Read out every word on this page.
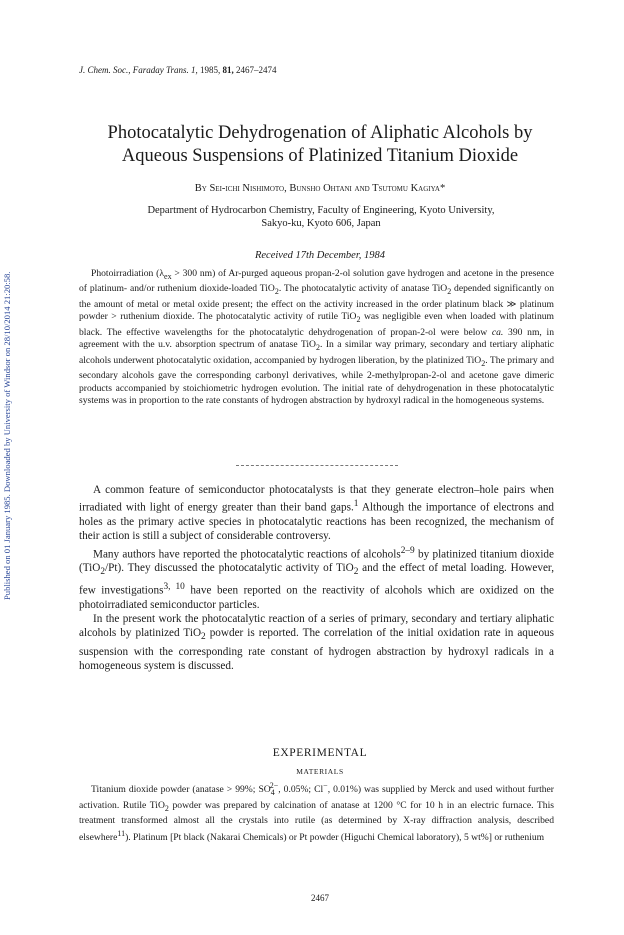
Published on 01 January 1985. Downloaded by University of Windsor on 28/10/2014 21:20:58.
J. Chem. Soc., Faraday Trans. 1, 1985, 81, 2467–2474
Photocatalytic Dehydrogenation of Aliphatic Alcohols by
Aqueous Suspensions of Platinized Titanium Dioxide
By Sei-ichi Nishimoto, Bunsho Ohtani and Tsutomu Kagiya*
Department of Hydrocarbon Chemistry, Faculty of Engineering, Kyoto University,
Sakyo-ku, Kyoto 606, Japan
Received 17th December, 1984

Photoirradiation ($\lambda_{ex} > 300$ nm) of Ar-purged aqueous propan-2-ol solution gave hydrogen and acetone in the presence of platinum- and/or ruthenium dioxide-loaded TiO$_2$. The photocatalytic activity of anatase TiO$_2$ depended significantly on the amount of metal or metal oxide present; the effect on the activity increased in the order platinum black ≫ platinum powder > ruthenium dioxide. The photocatalytic activity of rutile TiO$_2$ was negligible even when loaded with platinum black. The effective wavelengths for the photocatalytic dehydrogenation of propan-2-ol were below ca. 390 nm, in agreement with the u.v. absorption spectrum of anatase TiO$_2$. In a similar way primary, secondary and tertiary aliphatic alcohols underwent photocatalytic oxidation, accompanied by hydrogen liberation, by the platinized TiO$_2$. The primary and secondary alcohols gave the corresponding carbonyl derivatives, while 2-methylpropan-2-ol and acetone gave dimeric products accompanied by stoichiometric hydrogen evolution. The initial rate of dehydrogenation in these photocatalytic systems was in proportion to the rate constants of hydrogen abstraction by hydroxyl radical in the homogeneous systems.

A common feature of semiconductor photocatalysts is that they generate electron–hole pairs when irradiated with light of energy greater than their band gaps.$^1$ Although the importance of electrons and holes as the primary active species in photocatalytic reactions has been recognized, the mechanism of their action is still a subject of considerable controversy.

Many authors have reported the photocatalytic reactions of alcohols$^{2-9}$ by platinized titanium dioxide (TiO$_2$/Pt). They discussed the photocatalytic activity of TiO$_2$ and the effect of metal loading. However, few investigations$^{3, 10}$ have been reported on the reactivity of alcohols which are oxidized on the photoirradiated semiconductor particles.

In the present work the photocatalytic reaction of a series of primary, secondary and tertiary aliphatic alcohols by platinized TiO$_2$ powder is reported. The correlation of the initial oxidation rate in aqueous suspension with the corresponding rate constant of hydrogen abstraction by hydroxyl radicals in a homogeneous system is discussed.

EXPERIMENTAL
MATERIALS

Titanium dioxide powder (anatase > 99%; $SO_4^{2-}$, 0.05%; Cl−, 0.01%) was supplied by Merck and used without further activation. Rutile TiO$_2$ powder was prepared by calcination of anatase at 1200 °C for 10 h in an electric furnace. This treatment transformed almost all the crystals into rutile (as determined by X-ray diffraction analysis, described elsewhere$^{11}$). Platinum [Pt black (Nakarai Chemicals) or Pt powder (Higuchi Chemical laboratory), 5 wt%] or ruthenium

2467
